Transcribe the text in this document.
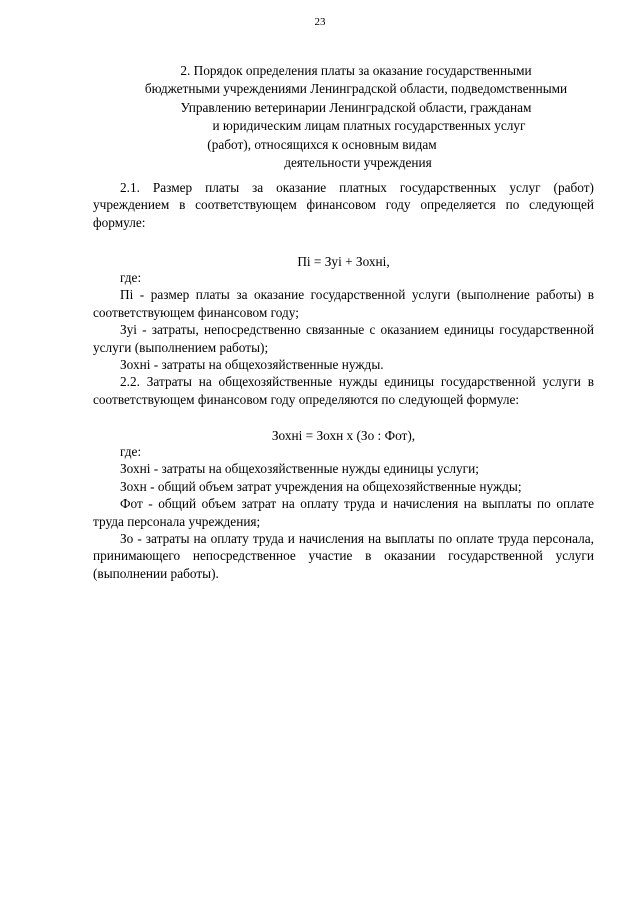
23
2. Порядок определения платы за оказание государственными
бюджетными учреждениями Ленинградской области, подведомственными
Управлению ветеринарии Ленинградской области, гражданам
и юридическим лицам платных государственных услуг
(работ), относящихся к основным видам
деятельности учреждения

2.1. Размер платы за оказание платных государственных услуг (работ) учреждением в соответствующем финансовом году определяется по следующей формуле:

Пi = Зуi + Зохнi,

где:

Пi - размер платы за оказание государственной услуги (выполнение работы) в соответствующем финансовом году;

Зуi - затраты, непосредственно связанные с оказанием единицы государственной услуги (выполнением работы);

Зохнi - затраты на общехозяйственные нужды.

2.2. Затраты на общехозяйственные нужды единицы государственной услуги в соответствующем финансовом году определяются по следующей формуле:

Зохнi = Зохн х (Зо : Фот),

где:

Зохнi - затраты на общехозяйственные нужды единицы услуги;

Зохн - общий объем затрат учреждения на общехозяйственные нужды;

Фот - общий объем затрат на оплату труда и начисления на выплаты по оплате труда персонала учреждения;

Зо - затраты на оплату труда и начисления на выплаты по оплате труда персонала, принимающего непосредственное участие в оказании государственной услуги (выполнении работы).
